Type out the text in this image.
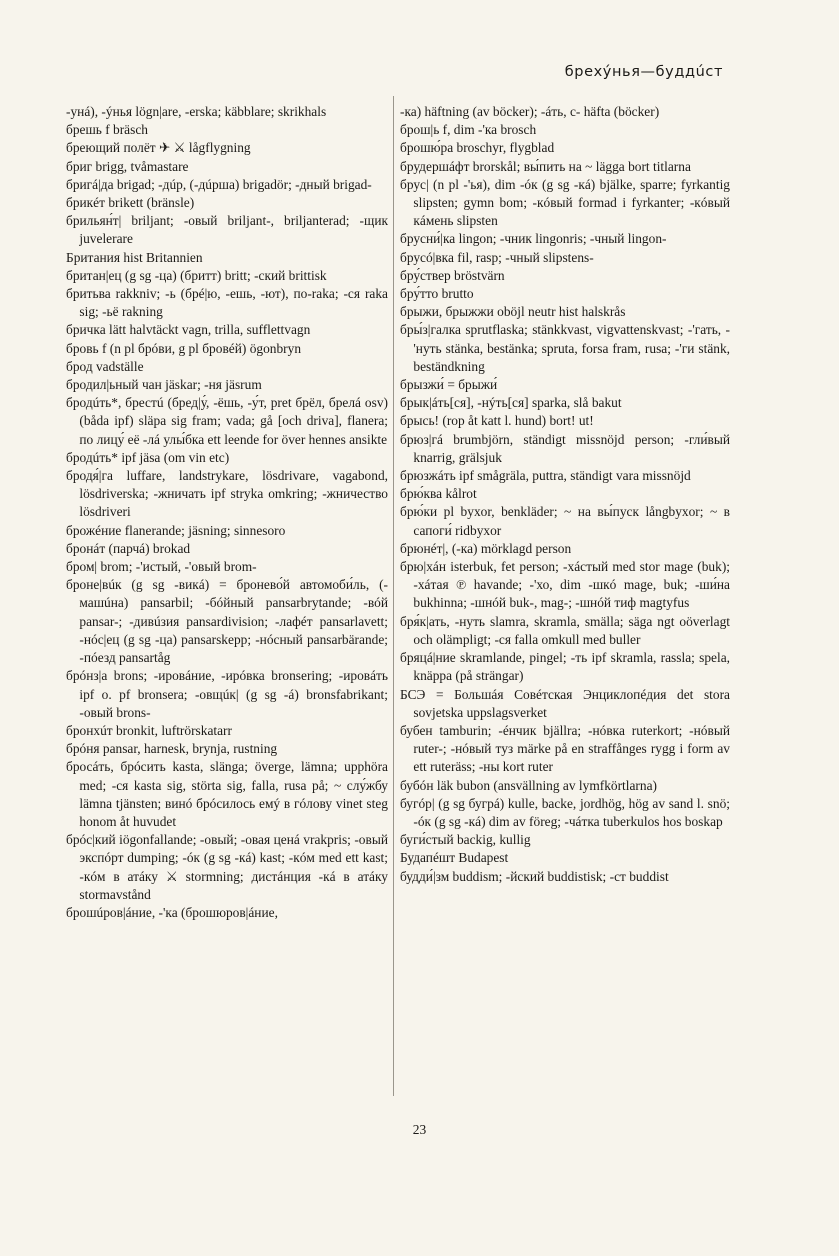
брехýнья—буддúст

-унá), -ýнья lögn|are, -erska; käbblare; skrikhals

брешь f bräsch

бреющий полёт ✈ ⚔ lågflygning

бриг brigg, tvåmastare

бригá|да brigad; -дúр, (-дúрша) brigadör; -дный brigad-

брикéт brikett (bränsle)

брильян́т| briljant; -овый briljant-, briljanterad; -щик juvelerare

Британия hist Britannien

британ|ец (g sg -ца) (бритт) britt; -ский brittisk

бритьва rakkniv; -ь (брé|ю, -ешь, -ют), по-raka; -ся raka sig; -ьё rakning

бричка lätt halvtäckt vagn, trilla, sufflettvagn

бровь f (n pl брóви, g pl бровéй) ögonbryn

брод vadställe

бродил|ьный чан jäskar; -ня jäsrum

бродúть*, брестú (бред|у́, -ёшь, -у́т, pret брёл, брелá osv) (båda ipf) släpa sig fram; vada; gå [och driva], flanera; по лицу́ её -лá улы́бка ett leende for över hennes ansikte

бродúть* ipf jäsa (om vin etc)

бродя́|га luffare, landstrykare, lösdrivare, vagabond, lösdriverska; -жничать ipf stryka omkring; -жничество lösdriveri

брожéние flanerande; jäsning; sinnesoro

бронáт (парчá) brokad

бром| brom; -'истый, -'овый brom-

броне|вúк (g sg -викá) = бронево́й автомоби́ль, (-машúна) pansarbil; -бóйный pansarbrytande; -вóй pansar-; -дивúзия pansardivision; -лафéт pansarlavett; -нóс|ец (g sg -ца) pansarskepp; -нóсный pansarbärande; -пóезд pansartåg

брóнз|а brons; -ировáние, -ирóвка bronsering; -ировáть ipf o. pf bronsera; -овщúк| (g sg -á) bronsfabrikant; -овый brons-

бронхúт bronkit, luftrörskatarr

брóня pansar, harnesk, brynja, rustning

бросáть, брóсить kasta, slänga; överge, lämna; upphöra med; -ся kasta sig, störta sig, falla, rusa på; ~ слу́жбу lämna tjänsten; винó брóсилось емý в гóлову vinet steg honom åt huvudet

брóс|кий iögonfallande; -овый; -овая ценá vrakpris; -овый экспóрт dumping; -óк (g sg -кá) kast; -кóм med ett kast; -кóм в атáку ⚔ stormning; дистáнция -кá в атáку stormavstånd

брошúров|áние, -'ка (брошюров|áние,

-ка) häftning (av böcker); -áть, с- häfta (böcker)

брош|ь f, dim -'ка brosch

брошю́ра broschyr, flygblad

брудершáфт brorskål; вы́пить на ~ lägga bort titlarna

брус| (n pl -'ья), dim -óк (g sg -кá) bjälke, sparre; fyrkantig slipsten; gymn bom; -кóвый formad i fyrkanter; -кóвый кáмень slipsten

брусни́|ка lingon; -чник lingonris; -чный lingon-

брусó|вка fil, rasp; -чный slipstens-

бру́ствер bröstvärn

бру́тто brutto

брыжи, брыжжи oböjl neutr hist halskrås

бры́з|галка sprutflaska; stänkkvast, vigvattenskvast; -'гать, -'нуть stänka, bestänka; spruta, forsa fram, rusa; -'ги stänk, beständkning

брызжи́ = брыжи́

брык|áть[ся], -нýть[ся] sparka, slå bakut

брысь! (rop åt katt l. hund) bort! ut!

брюз|гá brumbjörn, ständigt missnöjd person; -гли́вый knarrig, grälsjuk

брюзжáть ipf smågräla, puttra, ständigt vara missnöjd

брю́ква kålrot

брю́ки pl byxor, benkläder; ~ на вы́пуск långbyxor; ~ в сапоги́ ridbyxor

брюнéт|, (-ка) mörklagd person

брю|хáн isterbuk, fet person; -хáстый med stor mage (buk); -хáтая ℗ havande; -'хо, dim -шкó mage, buk; -ши́на bukhinna; -шнóй buk-, mag-; -шнóй тиф magtyfus

бря́к|ать, -нуть slamra, skramla, smälla; säga ngt oöverlagt och olämpligt; -ся falla omkull med buller

бряцá|ние skramlande, pingel; -ть ipf skramla, rassla; spela, knäppa (på strängar)

БСЭ = Большáя Совéтская Энциклопéдия det stora sovjetska uppslagsverket

бубен tamburin; -éнчик bjällra; -нóвка ruterkort; -нóвый ruter-; -нóвый туз märke på en straffånges rygg i form av ett ruteräss; -ны kort ruter

бубóн läk bubon (ansvällning av lymfkörtlarna)

бугóр| (g sg бугрá) kulle, backe, jordhög, hög av sand l. snö; -óк (g sg -кá) dim av föreg; -чáтка tuberkulos hos boskap

буги́стый backig, kullig

Будапéшт Budapest

будди́|зм buddism; -йский buddistisk; -ст buddist

23
